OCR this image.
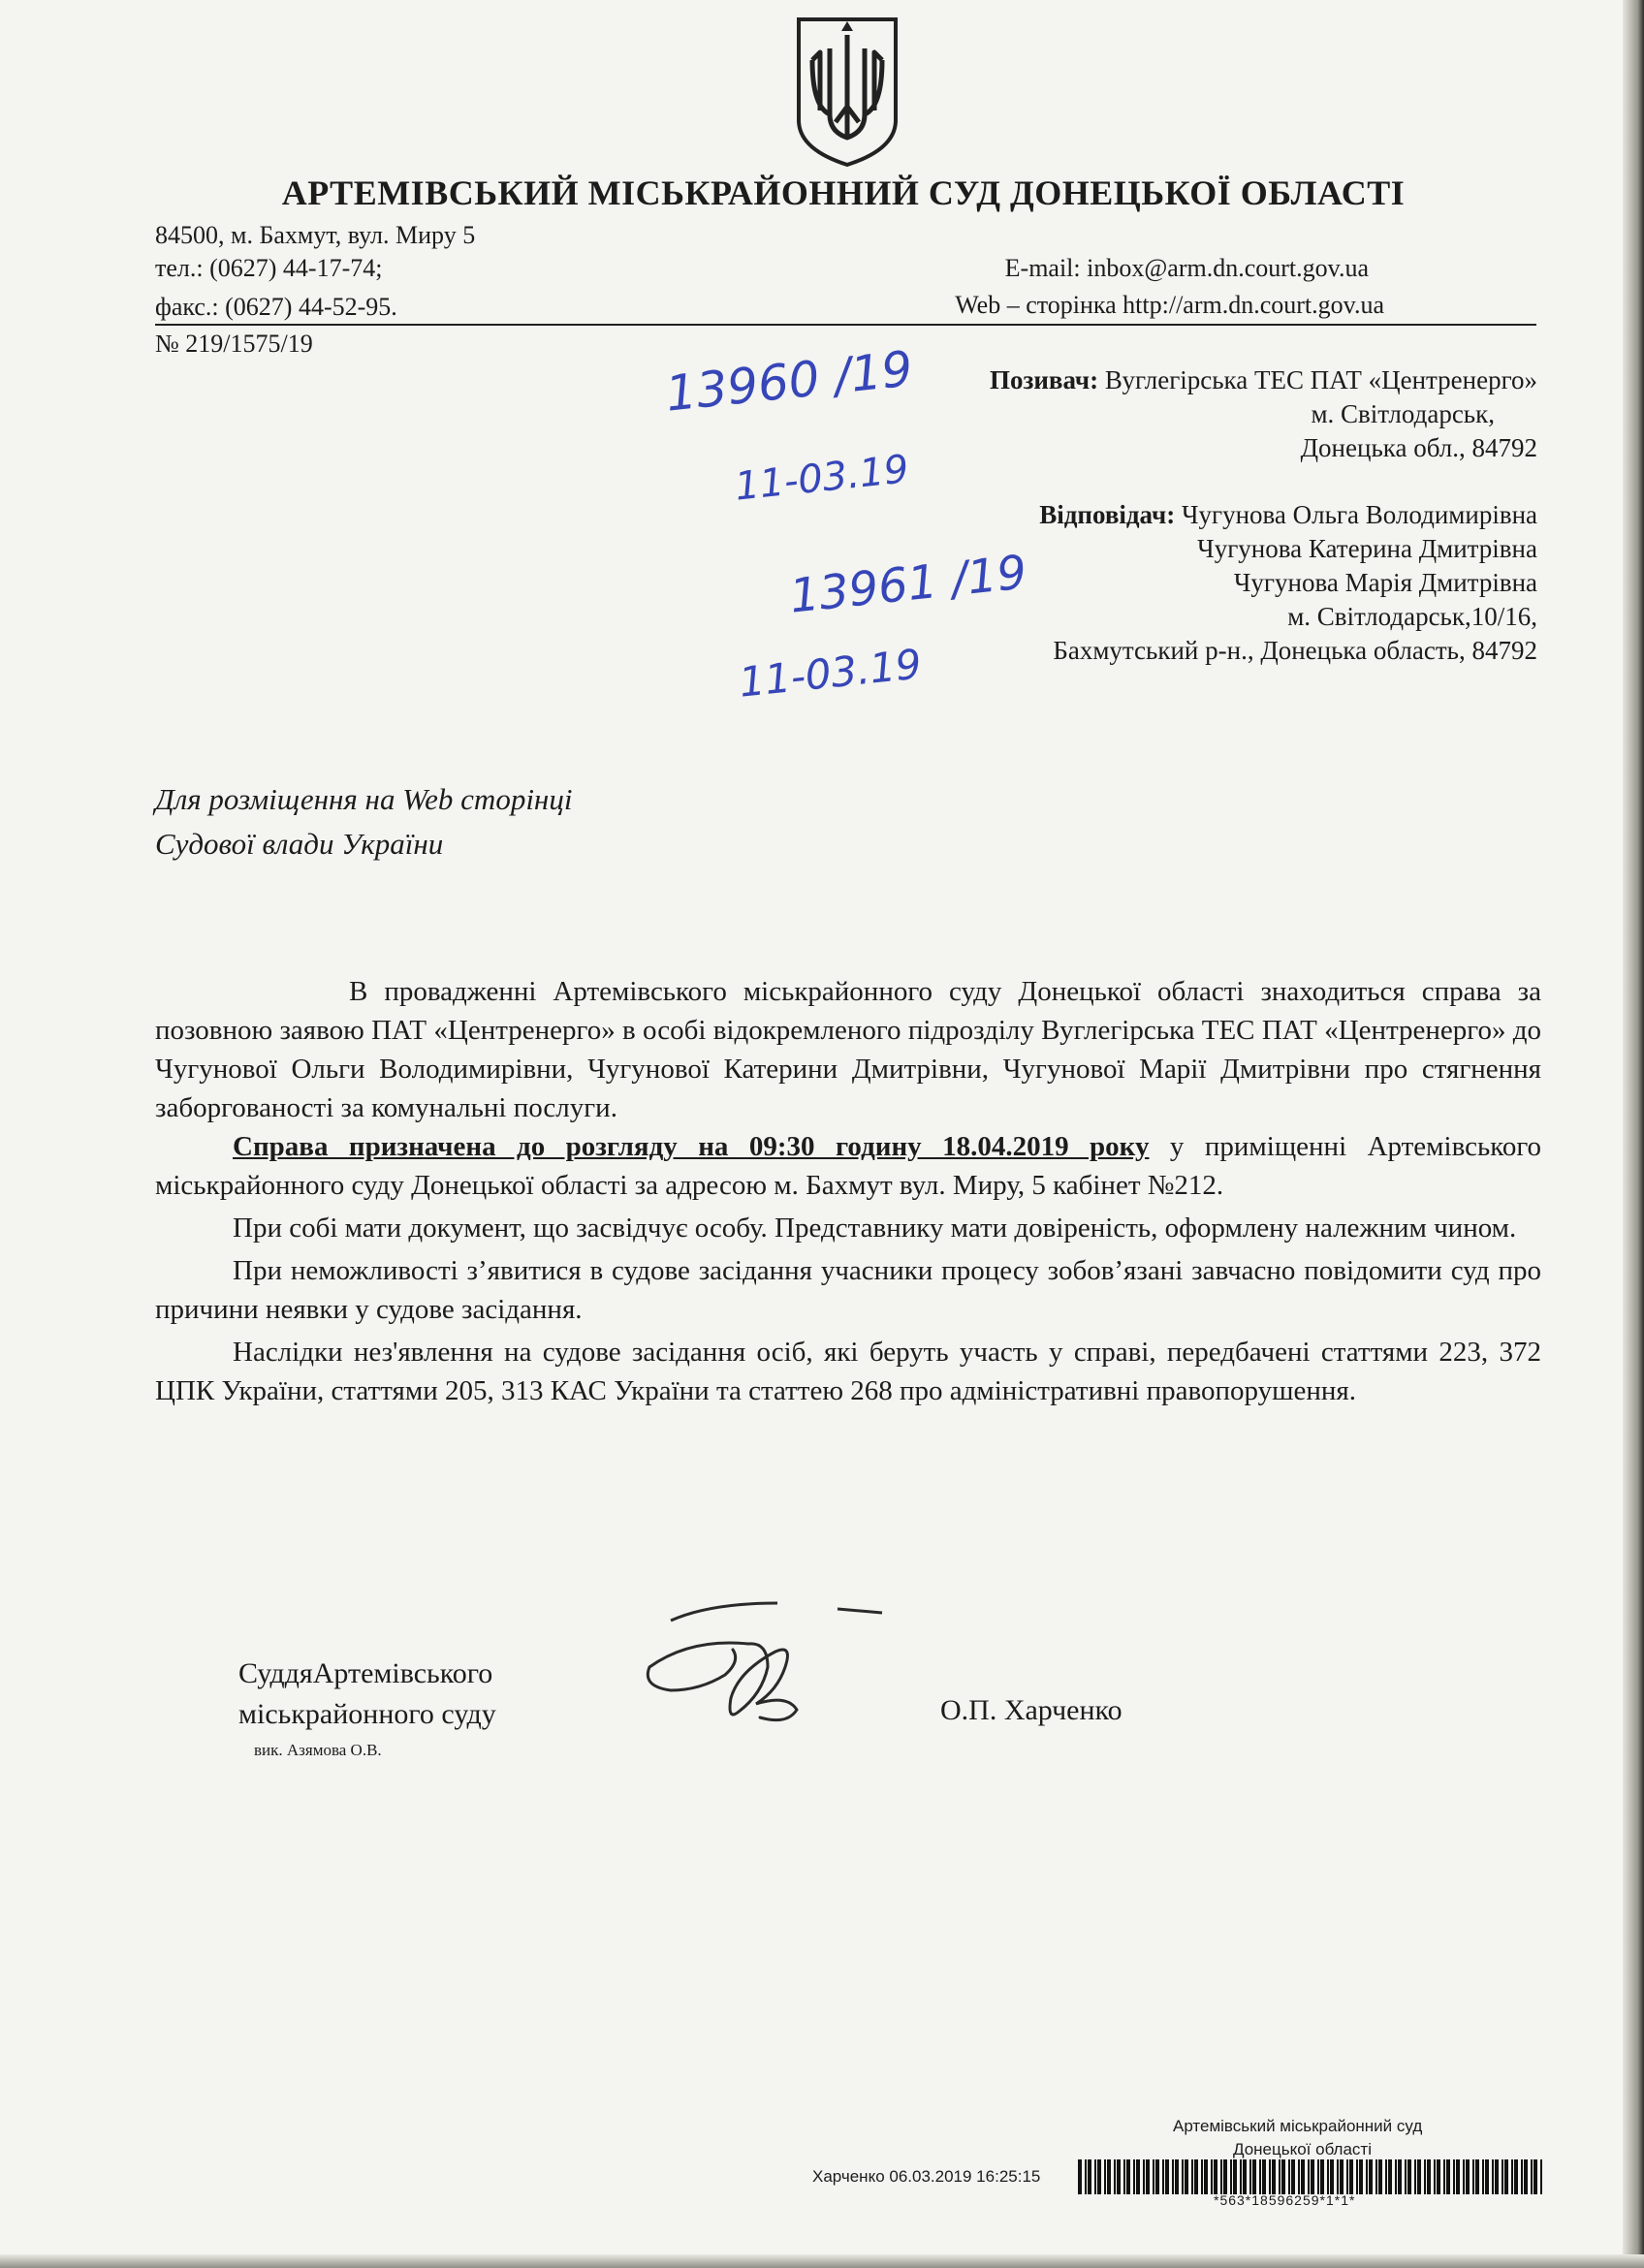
АРТЕМІВСЬКИЙ МІСЬКРАЙОННИЙ СУД ДОНЕЦЬКОЇ ОБЛАСТІ
84500, м. Бахмут, вул. Миру 5
тел.: (0627) 44-17-74;
факс.: (0627) 44-52-95.
E-mail: inbox@arm.dn.court.gov.ua
Web – сторінка http://arm.dn.court.gov.ua
№ 219/1575/19
Позивач: Вуглегірська ТЕС ПАТ «Центренерго»
м. Світлодарськ,
Донецька обл., 84792
Відповідач: Чугунова Ольга Володимирівна
Чугунова Катерина Дмитрівна
Чугунова Марія Дмитрівна
м. Світлодарськ,10/16,
Бахмутський р-н., Донецька область, 84792
13960 /19
11-03.19
13961 /19
11-03.19
Для розміщення на Web сторінці
Судової влади України

В провадженні Артемівського міськрайонного суду Донецької області знаходиться справа за позовною заявою ПАТ «Центренерго» в особі відокремленого підрозділу Вуглегірська ТЕС ПАТ «Центренерго» до Чугунової Ольги Володимирівни, Чугунової Катерини Дмитрівни, Чугунової Марії Дмитрівни про стягнення заборгованості за комунальні послуги.

Справа призначена до розгляду на 09:30 годину 18.04.2019 року у приміщенні Артемівського міськрайонного суду Донецької області за адресою м. Бахмут вул. Миру, 5 кабінет №212.

При собі мати документ, що засвідчує особу. Представнику мати довіреність, оформлену належним чином.

При неможливості з’явитися в судове засідання учасники процесу зобов’язані завчасно повідомити суд про причини неявки у судове засідання.

Наслідки нез'явлення на судове засідання осіб, які беруть участь у справі, передбачені статтями 223, 372 ЦПК України, статтями 205, 313 КАС України та статтею 268 про адміністративні правопорушення.

СуддяАртемівського
міськрайонного суду
вик. Азямова О.В.
О.П. Харченко
Артемівський міськрайонний суд
Донецької області
Харченко 06.03.2019 16:25:15
*563*18596259*1*1*
